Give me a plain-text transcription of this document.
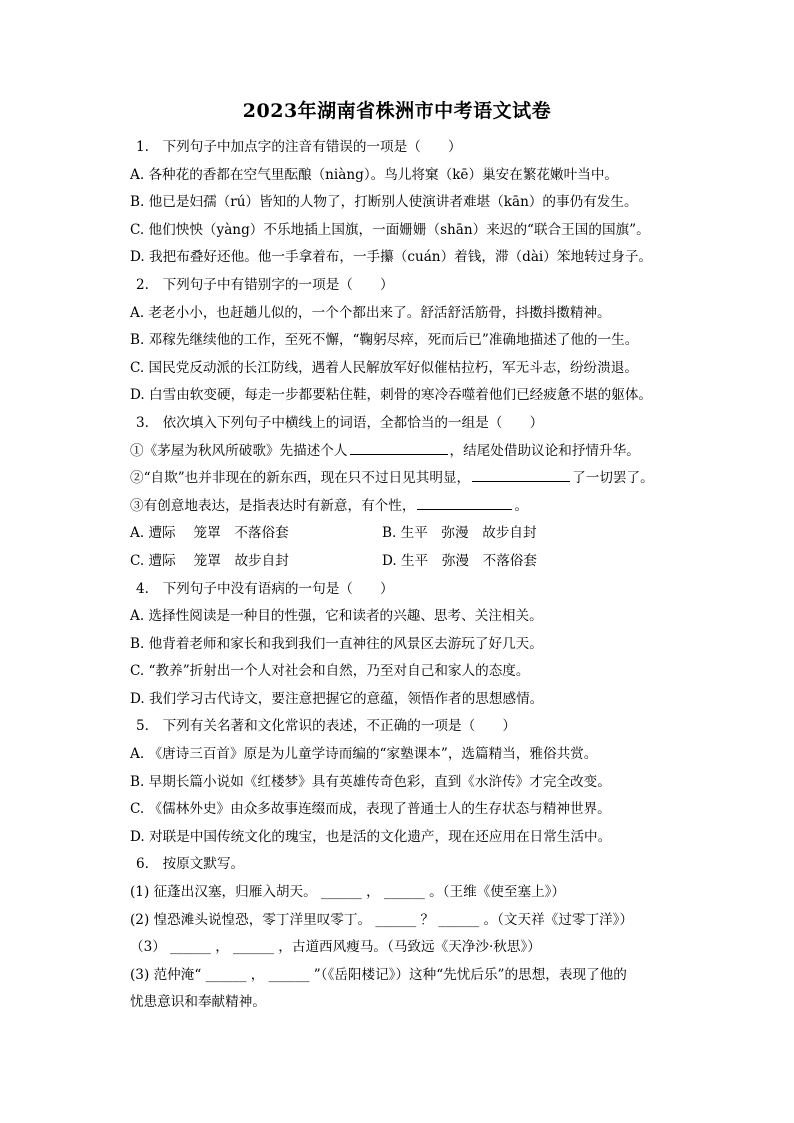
2023年湖南省株洲市中考语文试卷
1.　下列句子中加点字的注音有错误的一项是（　　）
A. 各种花的香都在空气里酝酿（niàng）。鸟儿将窠（kē）巢安在繁花嫩叶当中。
B. 他已是妇孺（rú）皆知的人物了，打断别人使演讲者难堪（kān）的事仍有发生。
C. 他们怏怏（yàng）不乐地插上国旗，一面姗姗（shān）来迟的“联合王国的国旗”。
D. 我把布叠好还他。他一手拿着布，一手攥（cuán）着钱，滞（dài）笨地转过身子。
2.　下列句子中有错别字的一项是（　　）
A. 老老小小，也赶趟儿似的，一个个都出来了。舒活舒活筋骨，抖擞抖擞精神。
B. 邓稼先继续他的工作，至死不懈，“鞠躬尽瘁，死而后已”准确地描述了他的一生。
C. 国民党反动派的长江防线，遇着人民解放军好似催枯拉朽，军无斗志，纷纷溃退。
D. 白雪由软变硬，每走一步都要粘住鞋，刺骨的寒冷吞噬着他们已经疲惫不堪的躯体。
3.　依次填入下列句子中横线上的词语，全都恰当的一组是（　　）
①《茅屋为秋风所破歌》先描述个人	，结尾处借助议论和抒情升华。
②“自欺”也并非现在的新东西，现在只不过日见其明显，	了一切罢了。
③有创意地表达，是指表达时有新意，有个性，	。
A. 遭际　 笼罩　不落俗套	B. 生平　弥漫　故步自封
C. 遭际　 笼罩　故步自封	D. 生平　弥漫　不落俗套
4.　下列句子中没有语病的一句是（　　）
A. 选择性阅读是一种目的性强，它和读者的兴趣、思考、关注相关。
B. 他背着老师和家长和我到我们一直神往的风景区去游玩了好几天。
C. “教养”折射出一个人对社会和自然，乃至对自己和家人的态度。
D. 我们学习古代诗文，要注意把握它的意蕴，领悟作者的思想感情。
5.　下列有关名著和文化常识的表述，不正确的一项是（　　）
A. 《唐诗三百首》原是为儿童学诗而编的“家塾课本”，选篇精当，雅俗共赏。
B. 早期长篇小说如《红楼梦》具有英雄传奇色彩，直到《水浒传》才完全改变。
C. 《儒林外史》由众多故事连缀而成，表现了普通士人的生存状态与精神世界。
D. 对联是中国传统文化的瑰宝，也是活的文化遗产，现在还应用在日常生活中。
6.　按原文默写。
(1) 征蓬出汉塞，归雁入胡天。 ______ ， ______ 。（王维《使至塞上》）
(2) 惶恐滩头说惶恐，零丁洋里叹零丁。 ______ ？ ______ 。（文天祥《过零丁洋》）
（3） ______ ， ______ ，古道西风瘦马。（马致远《天净沙·秋思》）
(3) 范仲淹“ ______ ， ______ ”（《岳阳楼记》）这种“先忧后乐”的思想，表现了他的
忧患意识和奉献精神。
